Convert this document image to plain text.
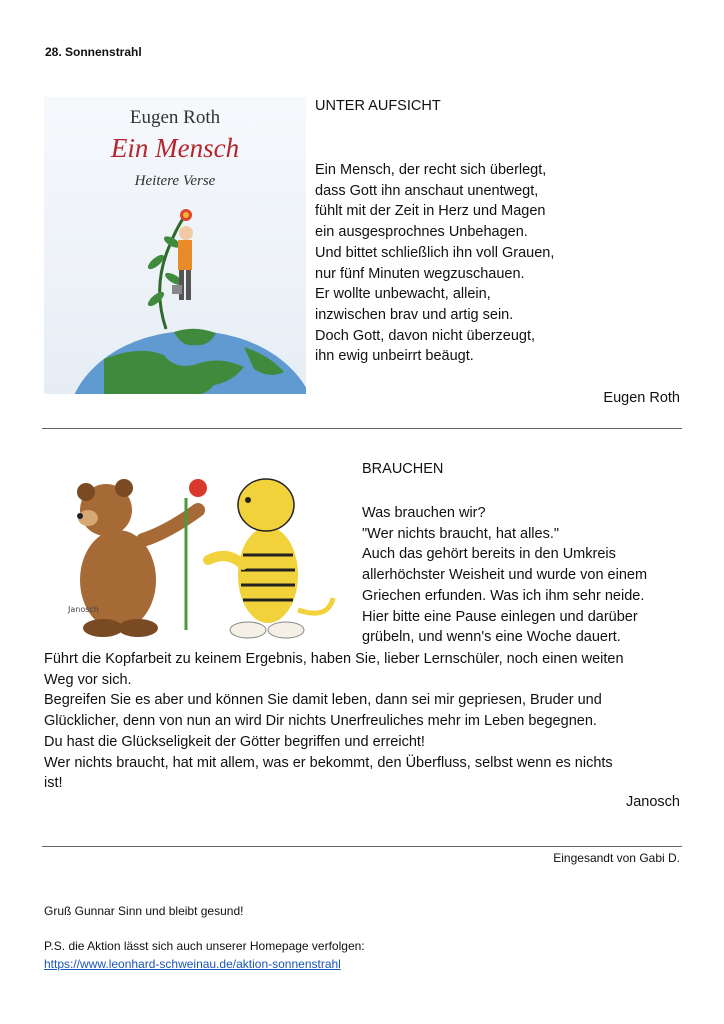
28. Sonnenstrahl
Eugen Roth
Ein Mensch
Heitere Verse
UNTER AUFSICHT
Ein Mensch, der recht sich überlegt,
dass Gott ihn anschaut unentwegt,
fühlt mit der Zeit in Herz und Magen
ein ausgesprochnes Unbehagen.
Und bittet schließlich ihn voll Grauen,
nur fünf Minuten wegzuschauen.
Er wollte unbewacht, allein,
inzwischen brav und artig sein.
Doch Gott, davon nicht überzeugt,
ihn ewig unbeirrt beäugt.
Eugen Roth
Janosch
BRAUCHEN
Was brauchen wir?
"Wer nichts braucht, hat alles."
Auch das gehört bereits in den Umkreis
allerhöchster Weisheit und wurde von einem
Griechen erfunden. Was ich ihm sehr neide.
Hier bitte eine Pause einlegen und darüber
grübeln, und wenn's eine Woche dauert.
Führt die Kopfarbeit zu keinem Ergebnis, haben Sie, lieber Lernschüler, noch einen weiten
Weg vor sich.
Begreifen Sie es aber und können Sie damit leben, dann sei mir gepriesen, Bruder und
Glücklicher, denn von nun an wird Dir nichts Unerfreuliches mehr im Leben begegnen.
Du hast die Glückseligkeit der Götter begriffen und erreicht!
Wer nichts braucht, hat mit allem, was er bekommt, den Überfluss, selbst wenn es nichts
ist!
Janosch
Eingesandt von Gabi D.
Gruß Gunnar Sinn und bleibt gesund!
P.S. die Aktion lässt sich auch unserer Homepage verfolgen:
https://www.leonhard-schweinau.de/aktion-sonnenstrahl
